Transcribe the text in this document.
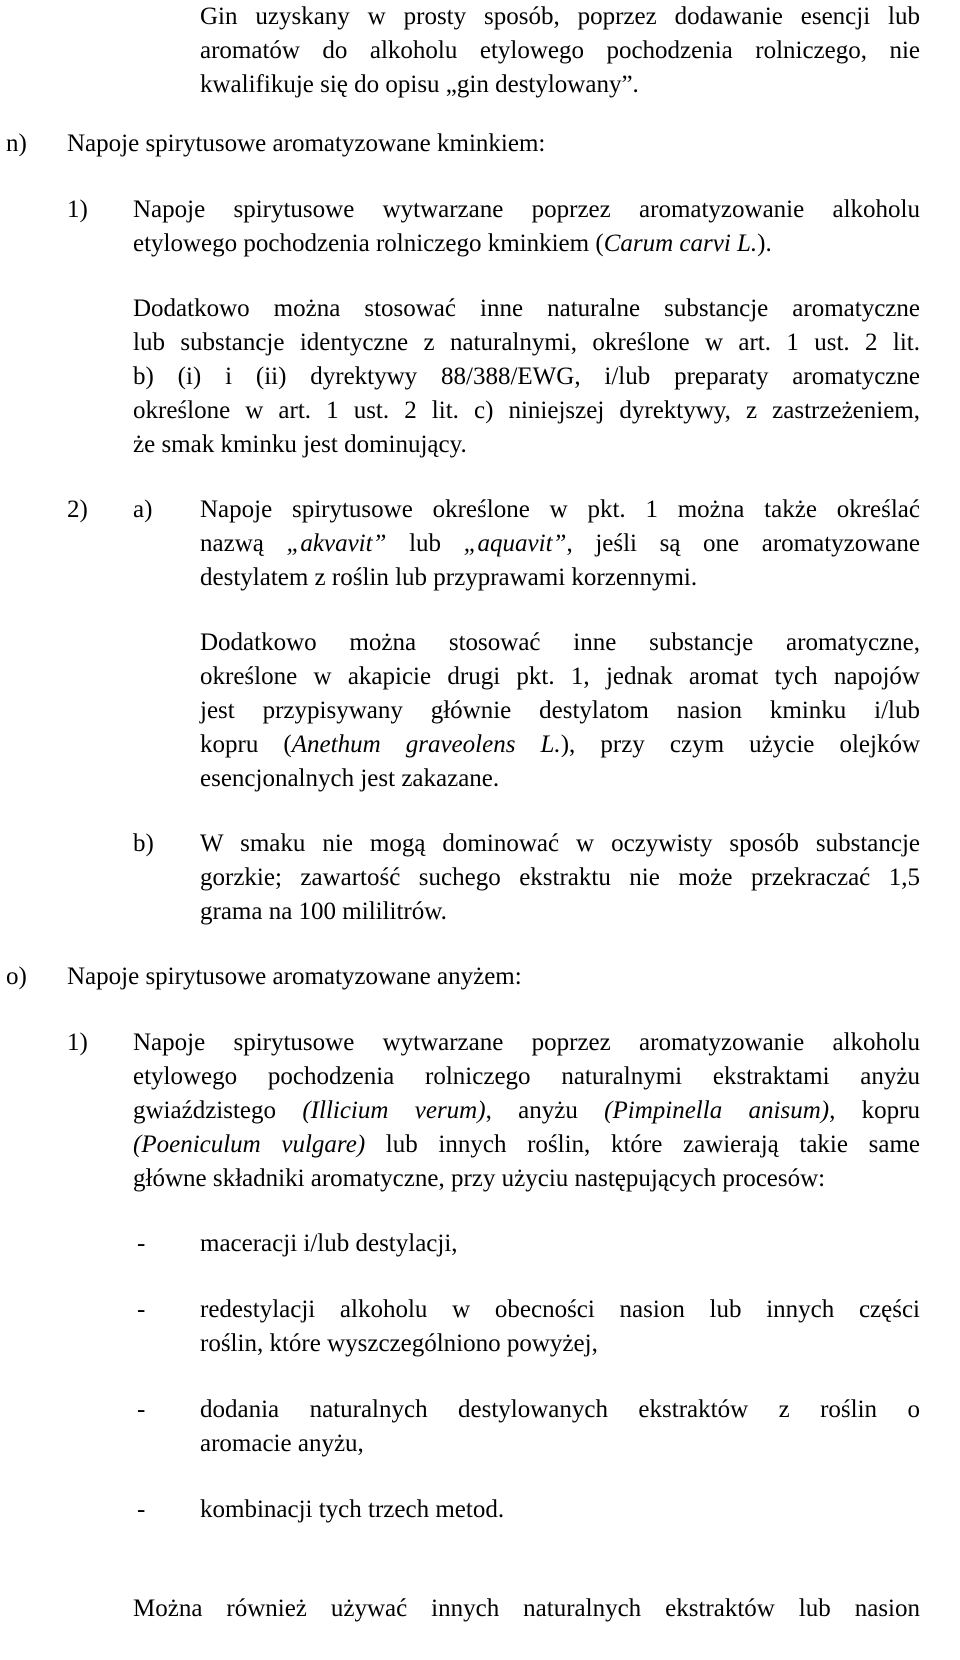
Gin uzyskany w prosty sposób, poprzez dodawanie esencji lub
aromatów do alkoholu etylowego pochodzenia rolniczego, nie
kwalifikuje się do opisu „gin destylowany”.
n) Napoje spirytusowe aromatyzowane kminkiem:
1) Napoje spirytusowe wytwarzane poprzez aromatyzowanie alkoholu
etylowego pochodzenia rolniczego kminkiem (Carum carvi L.).
Dodatkowo można stosować inne naturalne substancje aromatyczne
lub substancje identyczne z naturalnymi, określone w art. 1 ust. 2 lit.
b) (i) i (ii) dyrektywy 88/388/EWG, i/lub preparaty aromatyczne
określone w art. 1 ust. 2 lit. c) niniejszej dyrektywy, z zastrzeżeniem,
że smak kminku jest dominujący.
2) a) Napoje spirytusowe określone w pkt. 1 można także określać
nazwą „akvavit” lub „aquavit”, jeśli są one aromatyzowane
destylatem z roślin lub przyprawami korzennymi.
Dodatkowo można stosować inne substancje aromatyczne,
określone w akapicie drugi pkt. 1, jednak aromat tych napojów
jest przypisywany głównie destylatom nasion kminku i/lub
kopru (Anethum graveolens L.), przy czym użycie olejków
esencjonalnych jest zakazane.
b) W smaku nie mogą dominować w oczywisty sposób substancje
gorzkie; zawartość suchego ekstraktu nie może przekraczać 1,5
grama na 100 mililitrów.
o) Napoje spirytusowe aromatyzowane anyżem:
1) Napoje spirytusowe wytwarzane poprzez aromatyzowanie alkoholu
etylowego pochodzenia rolniczego naturalnymi ekstraktami anyżu
gwiaździstego (Illicium verum), anyżu (Pimpinella anisum), kopru
(Poeniculum vulgare) lub innych roślin, które zawierają takie same
główne składniki aromatyczne, przy użyciu następujących procesów:
- maceracji i/lub destylacji,
- redestylacji alkoholu w obecności nasion lub innych części
roślin, które wyszczególniono powyżej,
- dodania naturalnych destylowanych ekstraktów z roślin o
aromacie anyżu,
- kombinacji tych trzech metod.
Można również używać innych naturalnych ekstraktów lub nasion
